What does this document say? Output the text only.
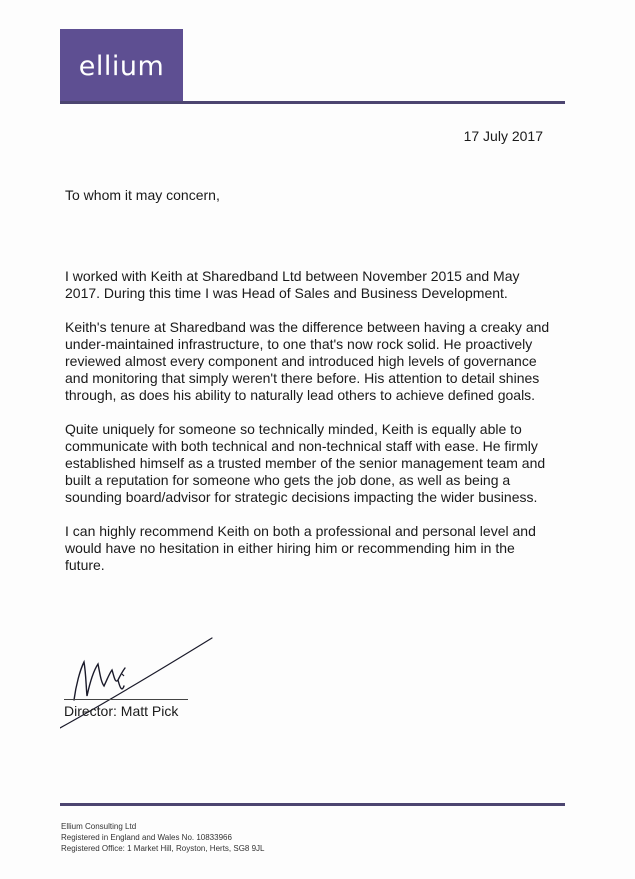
ellium
17 July 2017
To whom it may concern,

I worked with Keith at Sharedband Ltd between November 2015 and May 2017. During this time I was Head of Sales and Business Development.

Keith's tenure at Sharedband was the difference between having a creaky and under-maintained infrastructure, to one that's now rock solid. He proactively reviewed almost every component and introduced high levels of governance and monitoring that simply weren't there before. His attention to detail shines through, as does his ability to naturally lead others to achieve defined goals.

Quite uniquely for someone so technically minded, Keith is equally able to communicate with both technical and non-technical staff with ease. He firmly established himself as a trusted member of the senior management team and built a reputation for someone who gets the job done, as well as being a sounding board/advisor for strategic decisions impacting the wider business.

I can highly recommend Keith on both a professional and personal level and would have no hesitation in either hiring him or recommending him in the future.

Director: Matt Pick
Ellium Consulting Ltd
Registered in England and Wales No. 10833966
Registered Office: 1 Market Hill, Royston, Herts, SG8 9JL
